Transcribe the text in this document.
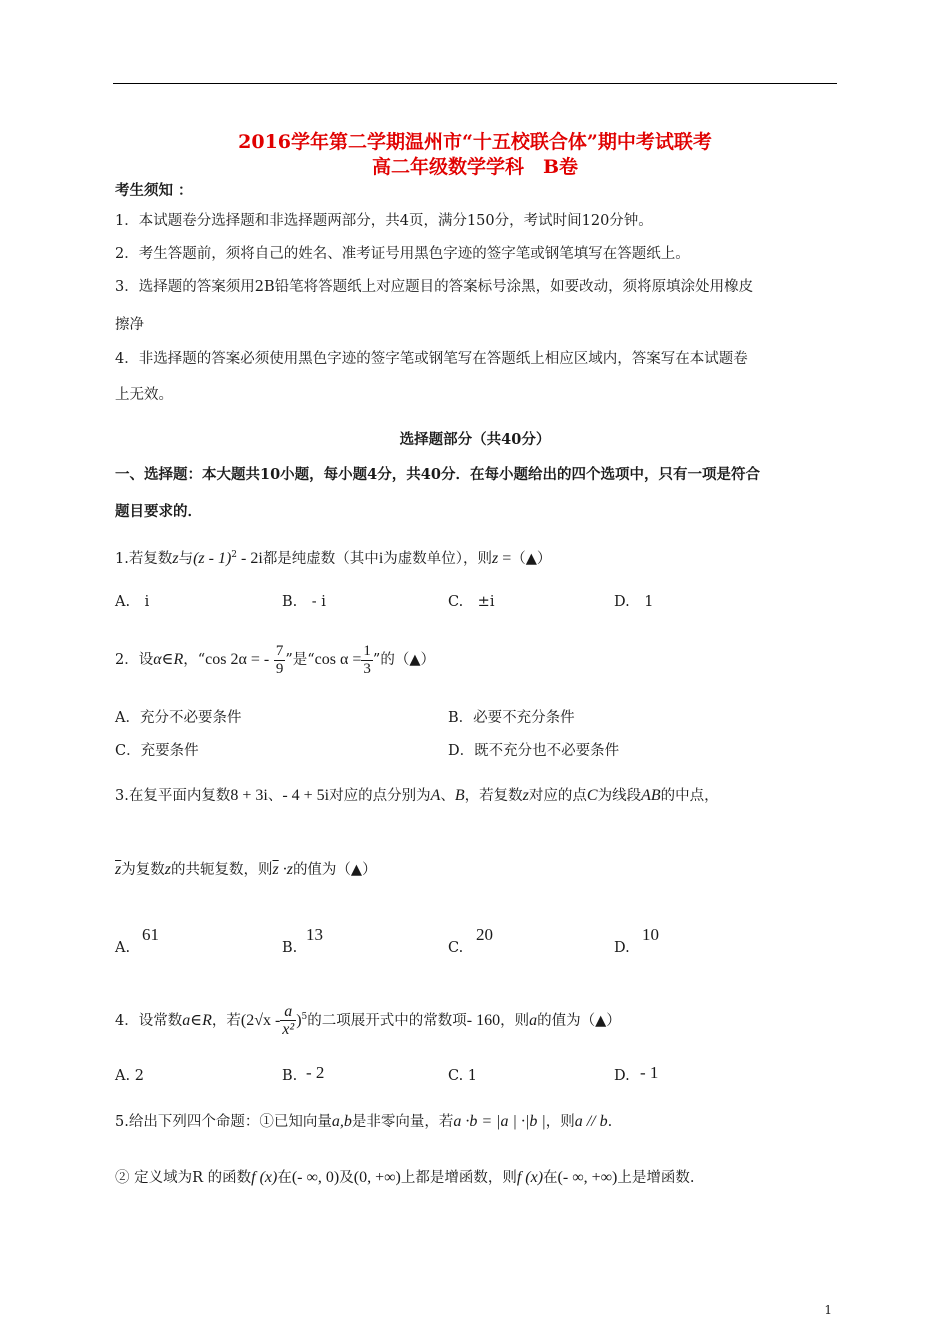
2016学年第二学期温州市“十五校联合体”期中考试联考
高二年级数学学科　B卷
考生须知 ：
1．本试题卷分选择题和非选择题两部分，共4页，满分150分，考试时间120分钟。
2．考生答题前，须将自己的姓名、准考证号用黑色字迹的签字笔或钢笔填写在答题纸上。
3．选择题的答案须用2B铅笔将答题纸上对应题目的答案标号涂黑，如要改动，须将原填涂处用橡皮
擦净
4．非选择题的答案必须使用黑色字迹的签字笔或钢笔写在答题纸上相应区域内，答案写在本试题卷
上无效。
选择题部分（共40分）
一、选择题：本大题共10小题，每小题4分，共40分．在每小题给出的四个选项中，只有一项是符合
题目要求的．
1.若复数z与(z - 1)$^2$ - 2i都是纯虚数（其中i为虚数单位），则z =（▲）
A.　i	B.　- i	C.　±i	D.　1
2．设α∈R，“cos 2α = - $\frac{7}{9}$ ”是“cos $\alpha = \frac{1}{3}$ ”的（▲）
A．充分不必要条件	B．必要不充分条件
C．充要条件	D．既不充分也不必要条件
3.在复平面内复数8 + 3i、- 4 + 5i对应的点分别为A、B，若复数z对应的点C为线段AB的中点，
$\overline{z}$为复数z的共轭复数，则$\overline{z} \cdot z$的值为（▲）
A.
61
B.
13
C.
20
D.
10
4．设常数a∈R，若$(2√x - \frac{a}{\text{x²}} )^5$的二项展开式中的常数项- 160，则a的值为（▲）
A. 2	B. - 2	C. 1	D. - 1
5.给出下列四个命题：①已知向量a,b是非零向量，若a ·b = |a | ·|b |，则a // b.
② 定义域为R 的函数f (x)在(- ∞, 0)及(0, +∞)上都是增函数，则f (x)在(- ∞, +∞)上是增函数.
1
